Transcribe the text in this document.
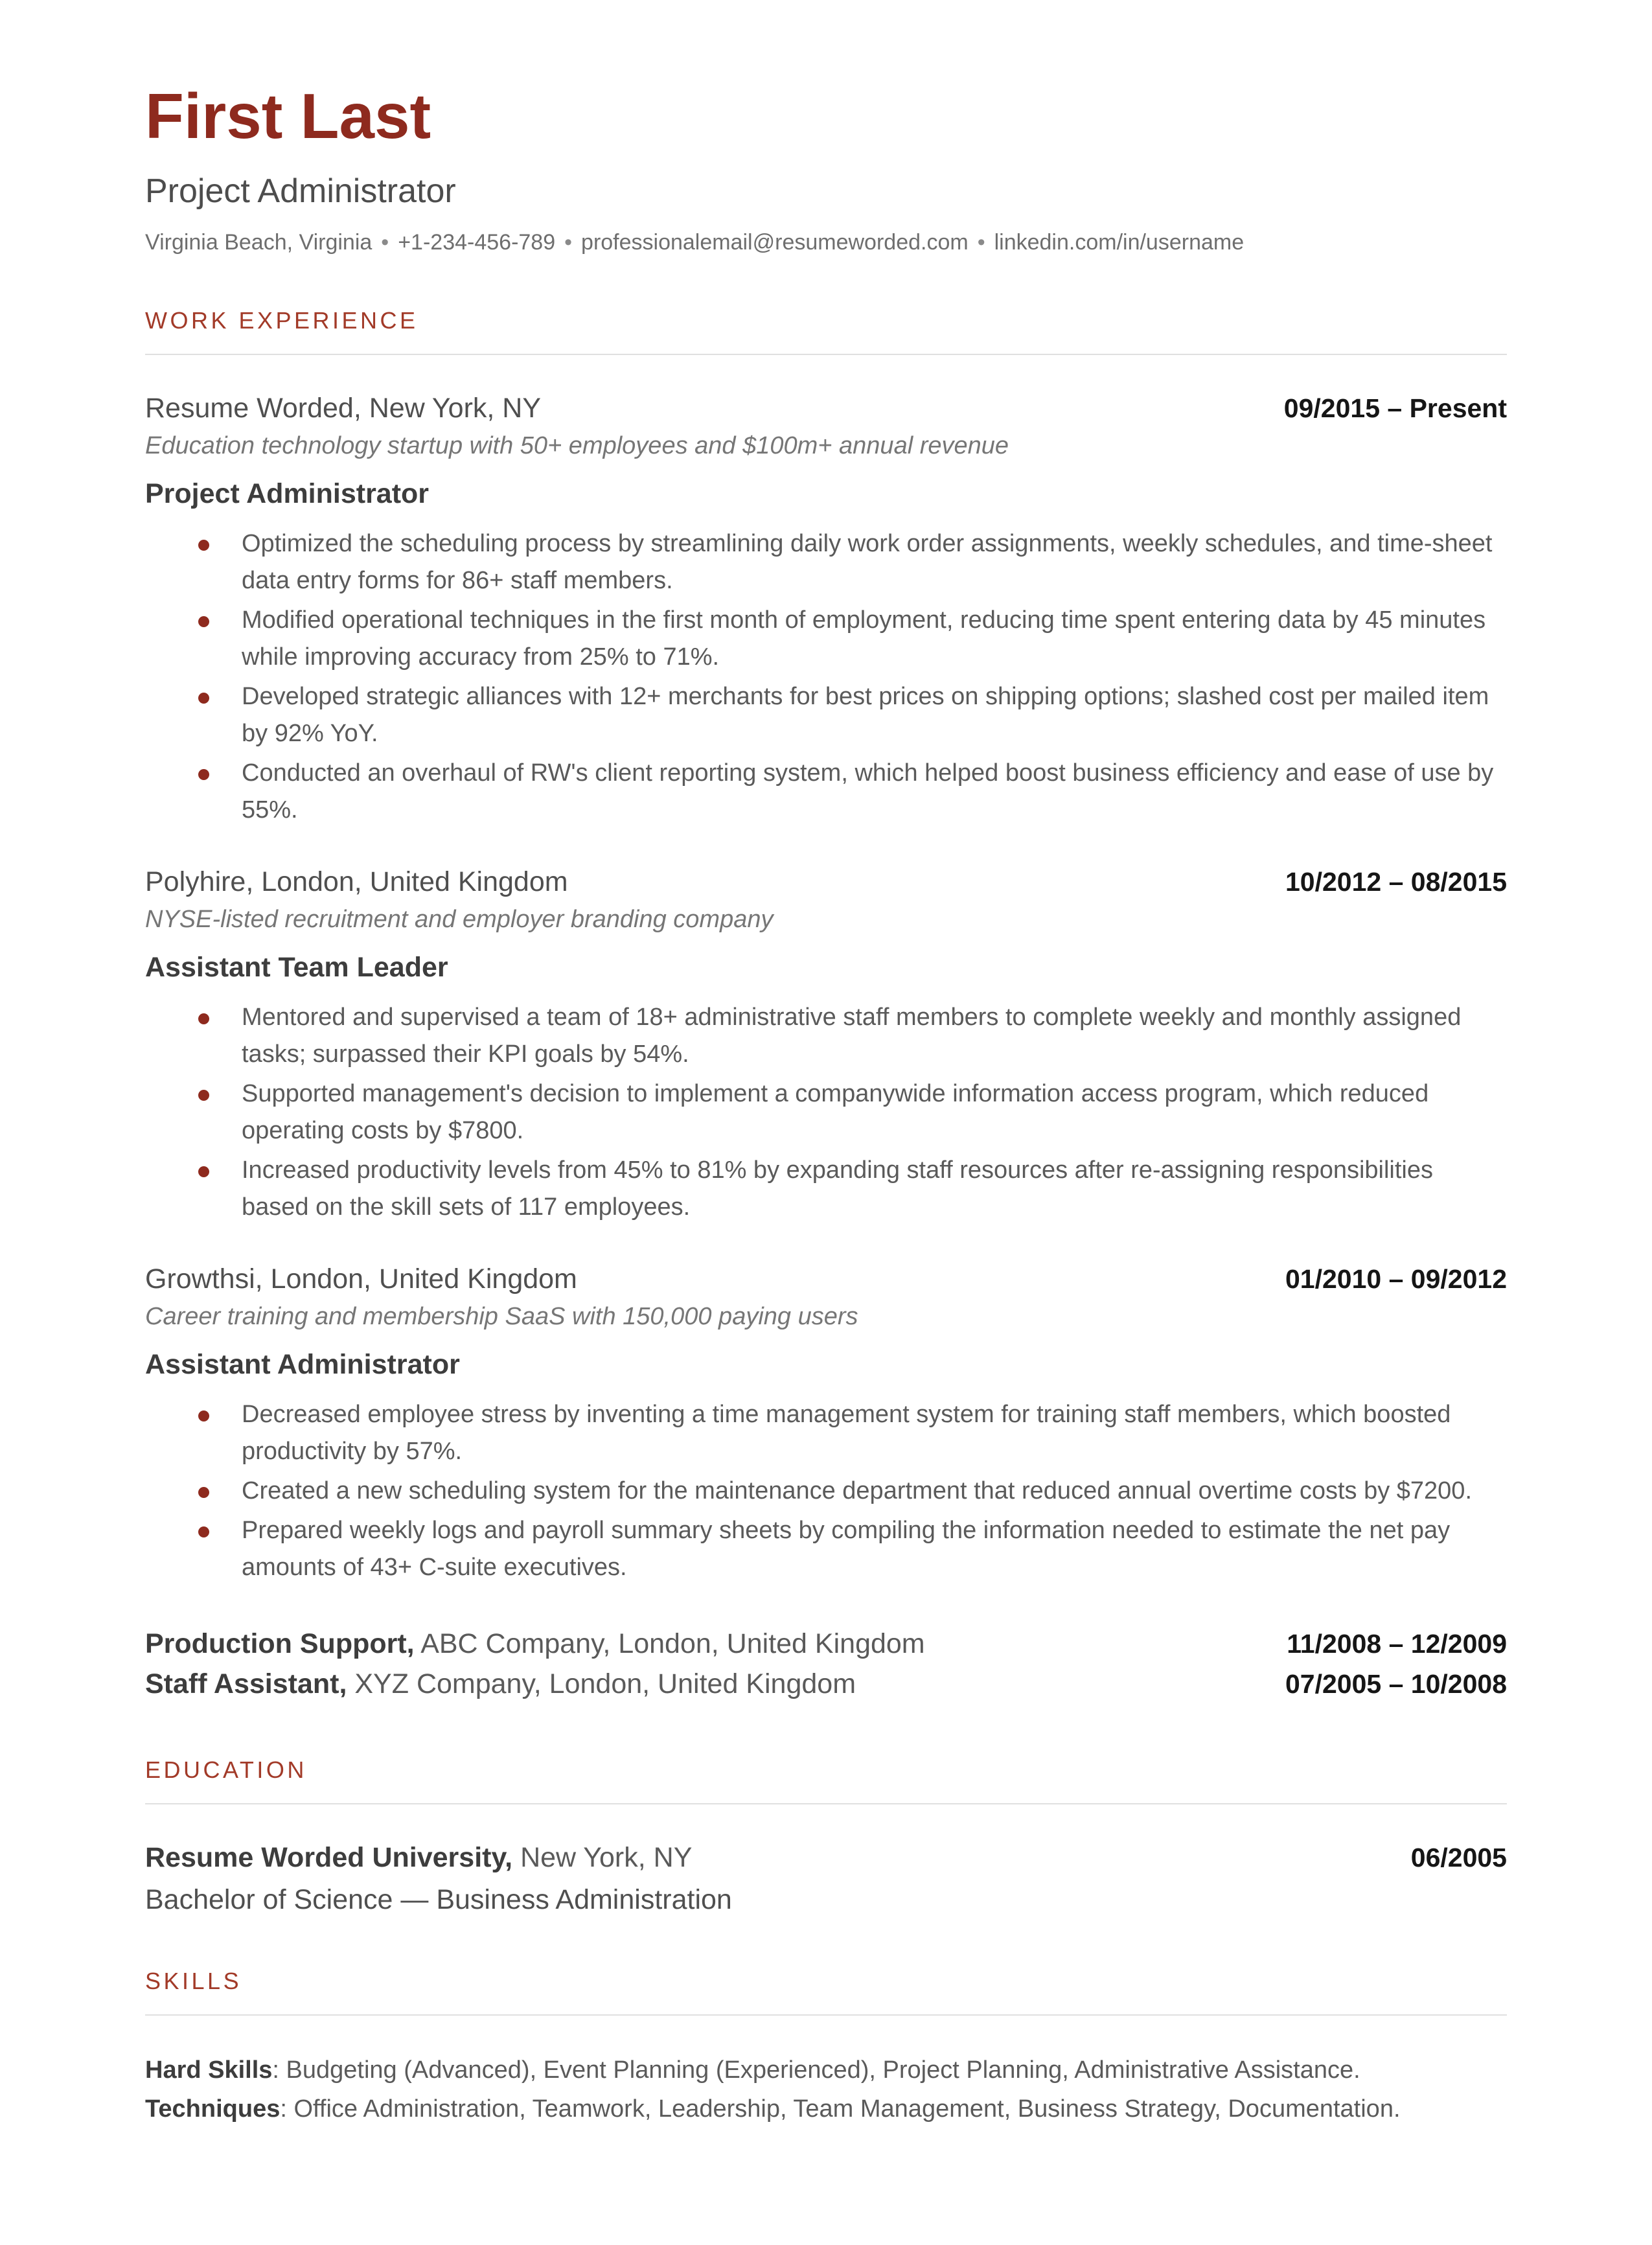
First Last
Project Administrator
Virginia Beach, Virginia • +1-234-456-789 • professionalemail@resumeworded.com • linkedin.com/in/username
WORK EXPERIENCE
Resume Worded, New York, NY	09/2015 – Present
Education technology startup with 50+ employees and $100m+ annual revenue
Project Administrator
Optimized the scheduling process by streamlining daily work order assignments, weekly schedules, and time-sheet data entry forms for 86+ staff members.
Modified operational techniques in the first month of employment, reducing time spent entering data by 45 minutes while improving accuracy from 25% to 71%.
Developed strategic alliances with 12+ merchants for best prices on shipping options; slashed cost per mailed item by 92% YoY.
Conducted an overhaul of RW's client reporting system, which helped boost business efficiency and ease of use by 55%.
Polyhire, London, United Kingdom	10/2012 – 08/2015
NYSE-listed recruitment and employer branding company
Assistant Team Leader
Mentored and supervised a team of 18+ administrative staff members to complete weekly and monthly assigned tasks; surpassed their KPI goals by 54%.
Supported management's decision to implement a companywide information access program, which reduced operating costs by $7800.
Increased productivity levels from 45% to 81% by expanding staff resources after re-assigning responsibilities based on the skill sets of 117 employees.
Growthsi, London, United Kingdom	01/2010 – 09/2012
Career training and membership SaaS with 150,000 paying users
Assistant Administrator
Decreased employee stress by inventing a time management system for training staff members, which boosted productivity by 57%.
Created a new scheduling system for the maintenance department that reduced annual overtime costs by $7200.
Prepared weekly logs and payroll summary sheets by compiling the information needed to estimate the net pay amounts of 43+ C-suite executives.
Production Support, ABC Company, London, United Kingdom	11/2008 – 12/2009
Staff Assistant, XYZ Company, London, United Kingdom	07/2005 – 10/2008
EDUCATION
Resume Worded University, New York, NY	06/2005
Bachelor of Science — Business Administration
SKILLS
Hard Skills: Budgeting (Advanced), Event Planning (Experienced), Project Planning, Administrative Assistance.
Techniques: Office Administration, Teamwork, Leadership, Team Management, Business Strategy, Documentation.
